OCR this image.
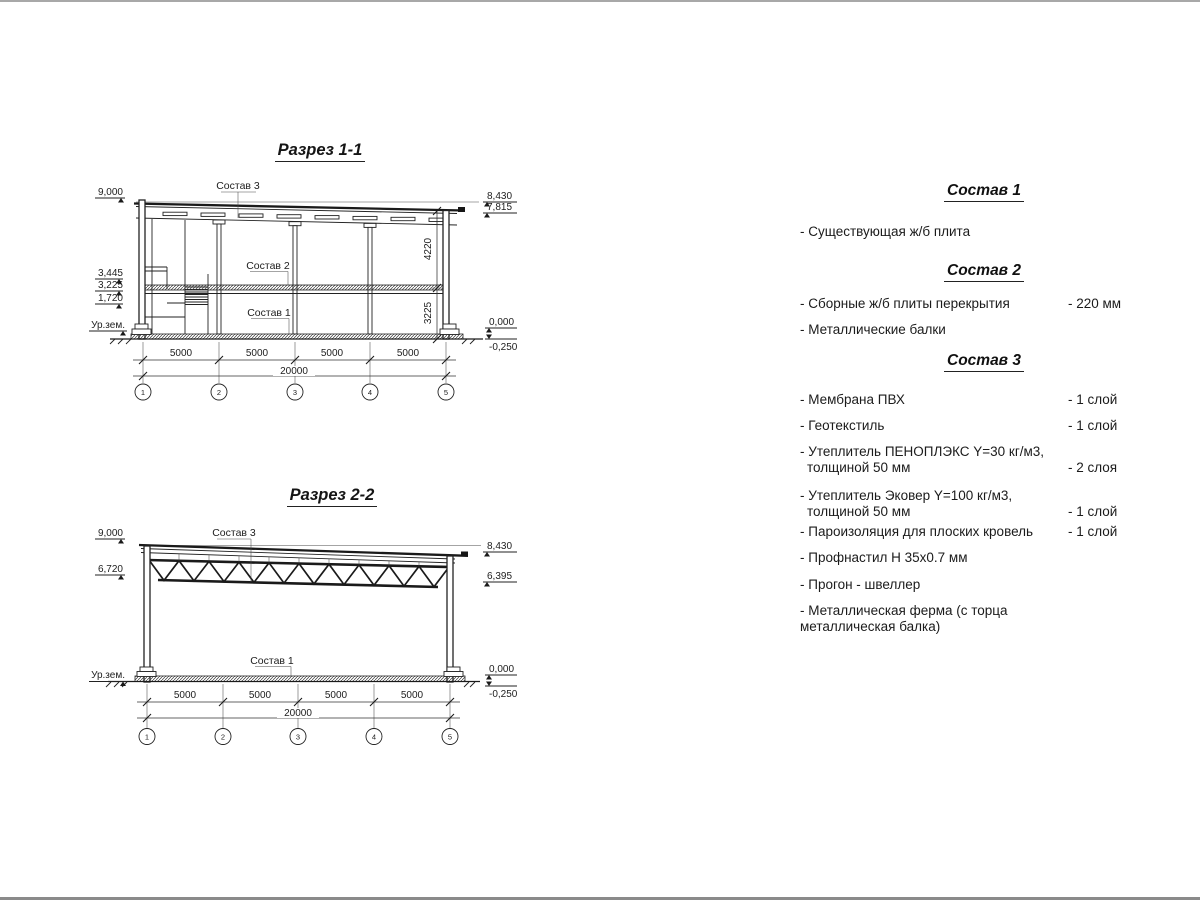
Разрез 1-1
4220
3225
5000	5000	5000	5000
20000
1	2	3	4	5
9,000
3,445
3,225
1,720
Ур.зем.
8,430
7,815
0,000
-0,250
Состав 3
Состав 2
Состав 1
Разрез 2-2
5000	5000	5000	5000
20000
1	2	3	4	5
9,000
6,720
Ур.зем.
8,430
6,395
0,000
-0,250
Состав 3
Состав 1
Состав 1
- Существующая ж/б плита
Состав 2
- Сборные ж/б плиты перекрытия	- 220 мм
- Металлические балки
Состав 3
- Мембрана ПВХ	- 1 слой
- Геотекстиль	- 1 слой
- Утеплитель ПЕНОПЛЭКС Y=30 кг/м3,
толщиной 50 мм	- 2 слоя
- Утеплитель Эковер Y=100 кг/м3,
толщиной 50 мм	- 1 слой
- Пароизоляция для плоских кровель	- 1 слой
- Профнастил Н 35х0.7 мм
- Прогон - швеллер
- Металлическая ферма (с торца металлическая балка)
